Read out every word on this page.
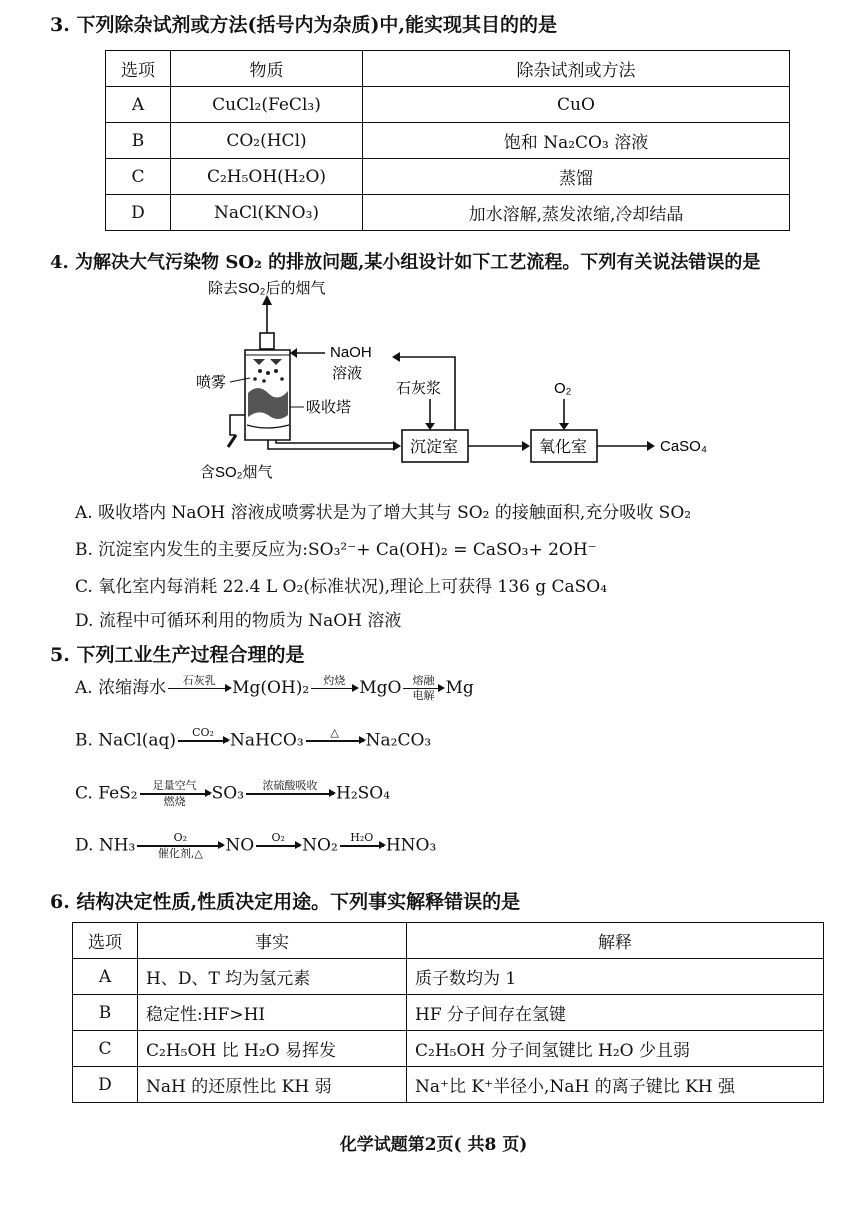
3. 下列除杂试剂或方法(括号内为杂质)中,能实现其目的的是
选项	物质	除杂试剂或方法
A	CuCl₂(FeCl₃)	CuO
B	CO₂(HCl)	饱和 Na₂CO₃ 溶液
C	C₂H₅OH(H₂O)	蒸馏
D	NaCl(KNO₃)	加水溶解,蒸发浓缩,冷却结晶
4. 为解决大气污染物 SO₂ 的排放问题,某小组设计如下工艺流程。下列有关说法错误的是
除去SO₂后的烟气
NaOH
溶液
喷雾
吸收塔
含SO₂烟气
沉淀室
石灰浆
氧化室
O₂
CaSO₄
A. 吸收塔内 NaOH 溶液成喷雾状是为了增大其与 SO₂ 的接触面积,充分吸收 SO₂
B. 沉淀室内发生的主要反应为:SO₃²⁻+ Ca(OH)₂ = CaSO₃+ 2OH⁻
C. 氧化室内每消耗 22.4 L O₂(标准状况),理论上可获得 136 g CaSO₄
D. 流程中可循环利用的物质为 NaOH 溶液
5. 下列工业生产过程合理的是
A. 浓缩海水	石灰乳
Mg(OH)₂	灼烧
MgO	熔融
电解 Mg
B. NaCl(aq)	CO₂
NaHCO₃	△
	Na₂CO₃
C. FeS₂	足量空气
燃烧	SO₃	浓硫酸吸收
	H₂SO₄
D. NH₃	O₂
催化剂,△	NO	O₂
	NO₂	H₂O
HNO₃
6. 结构决定性质,性质决定用途。下列事实解释错误的是
选项	事实	解释
A	H、D、T 均为氢元素	质子数均为 1
B	稳定性:HF>HI	HF 分子间存在氢键
C	C₂H₅OH 比 H₂O 易挥发	C₂H₅OH 分子间氢键比 H₂O 少且弱
D	NaH 的还原性比 KH 弱	Na⁺比 K⁺半径小,NaH 的离子键比 KH 强
化学试题第2页( 共8 页)
